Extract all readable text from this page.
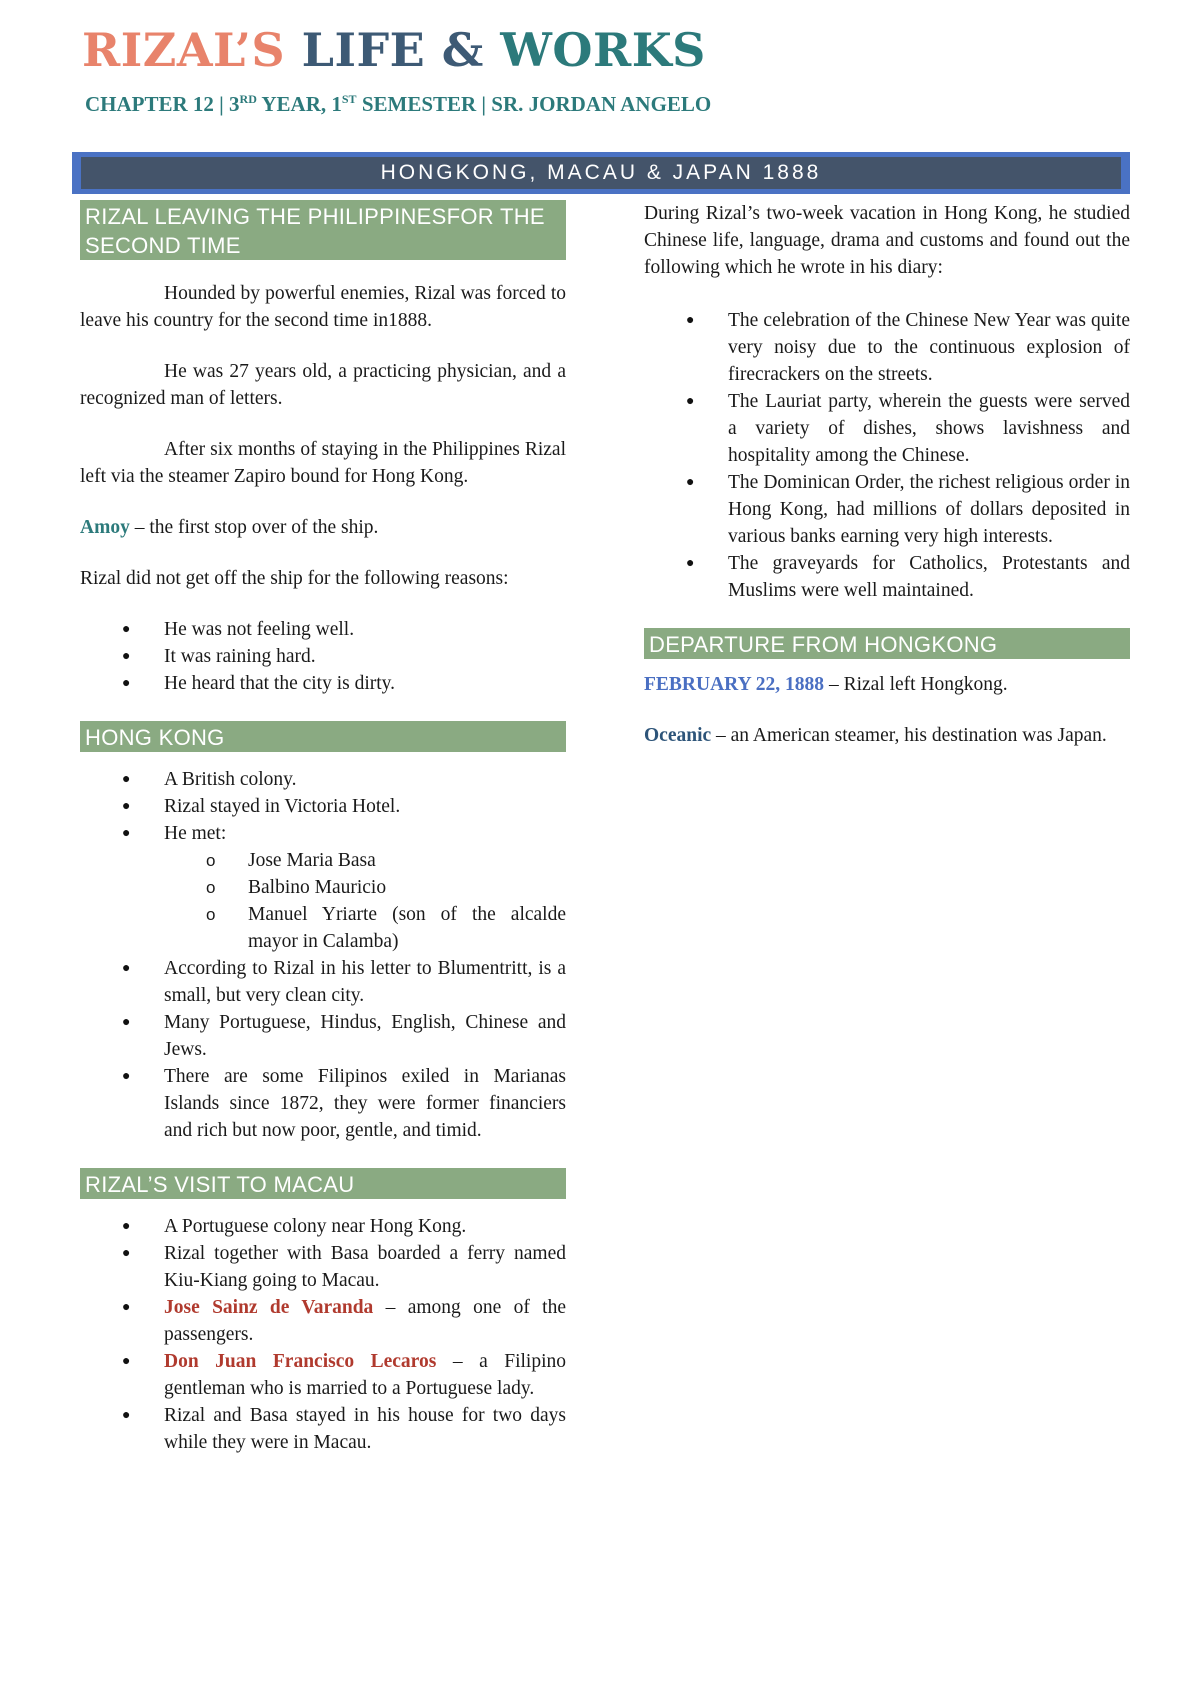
RIZAL’S LIFE & WORKS
CHAPTER 12 | 3RD YEAR, 1ST SEMESTER | SR. JORDAN ANGELO
HONGKONG, MACAU & JAPAN 1888
RIZAL LEAVING THE PHILIPPINESFOR THE SECOND TIME

Hounded by powerful enemies, Rizal was forced to leave his country for the second time in1888.

He was 27 years old, a practicing physician, and a recognized man of letters.

After six months of staying in the Philippines Rizal left via the steamer Zapiro bound for Hong Kong.

Amoy – the first stop over of the ship.

Rizal did not get off the ship for the following reasons:

● He was not feeling well.
● It was raining hard.
● He heard that the city is dirty.
HONG KONG
● A British colony.
● Rizal stayed in Victoria Hotel.
● He met:
o Jose Maria Basa
o Balbino Mauricio
o Manuel Yriarte (son of the alcalde mayor in Calamba)
● According to Rizal in his letter to Blumentritt, is a small, but very clean city.
● Many Portuguese, Hindus, English, Chinese and Jews.
● There are some Filipinos exiled in Marianas Islands since 1872, they were former financiers and rich but now poor, gentle, and timid.
RIZAL’S VISIT TO MACAU
● A Portuguese colony near Hong Kong.
● Rizal together with Basa boarded a ferry named Kiu-Kiang going to Macau.
● Jose Sainz de Varanda – among one of the passengers.
● Don Juan Francisco Lecaros – a Filipino gentleman who is married to a Portuguese lady.
● Rizal and Basa stayed in his house for two days while they were in Macau.

During Rizal’s two-week vacation in Hong Kong, he studied Chinese life, language, drama and customs and found out the following which he wrote in his diary:

● The celebration of the Chinese New Year was quite very noisy due to the continuous explosion of firecrackers on the streets.
● The Lauriat party, wherein the guests were served a variety of dishes, shows lavishness and hospitality among the Chinese.
● The Dominican Order, the richest religious order in Hong Kong, had millions of dollars deposited in various banks earning very high interests.
● The graveyards for Catholics, Protestants and Muslims were well maintained.
DEPARTURE FROM HONGKONG

FEBRUARY 22, 1888 – Rizal left Hongkong.

Oceanic – an American steamer, his destination was Japan.
